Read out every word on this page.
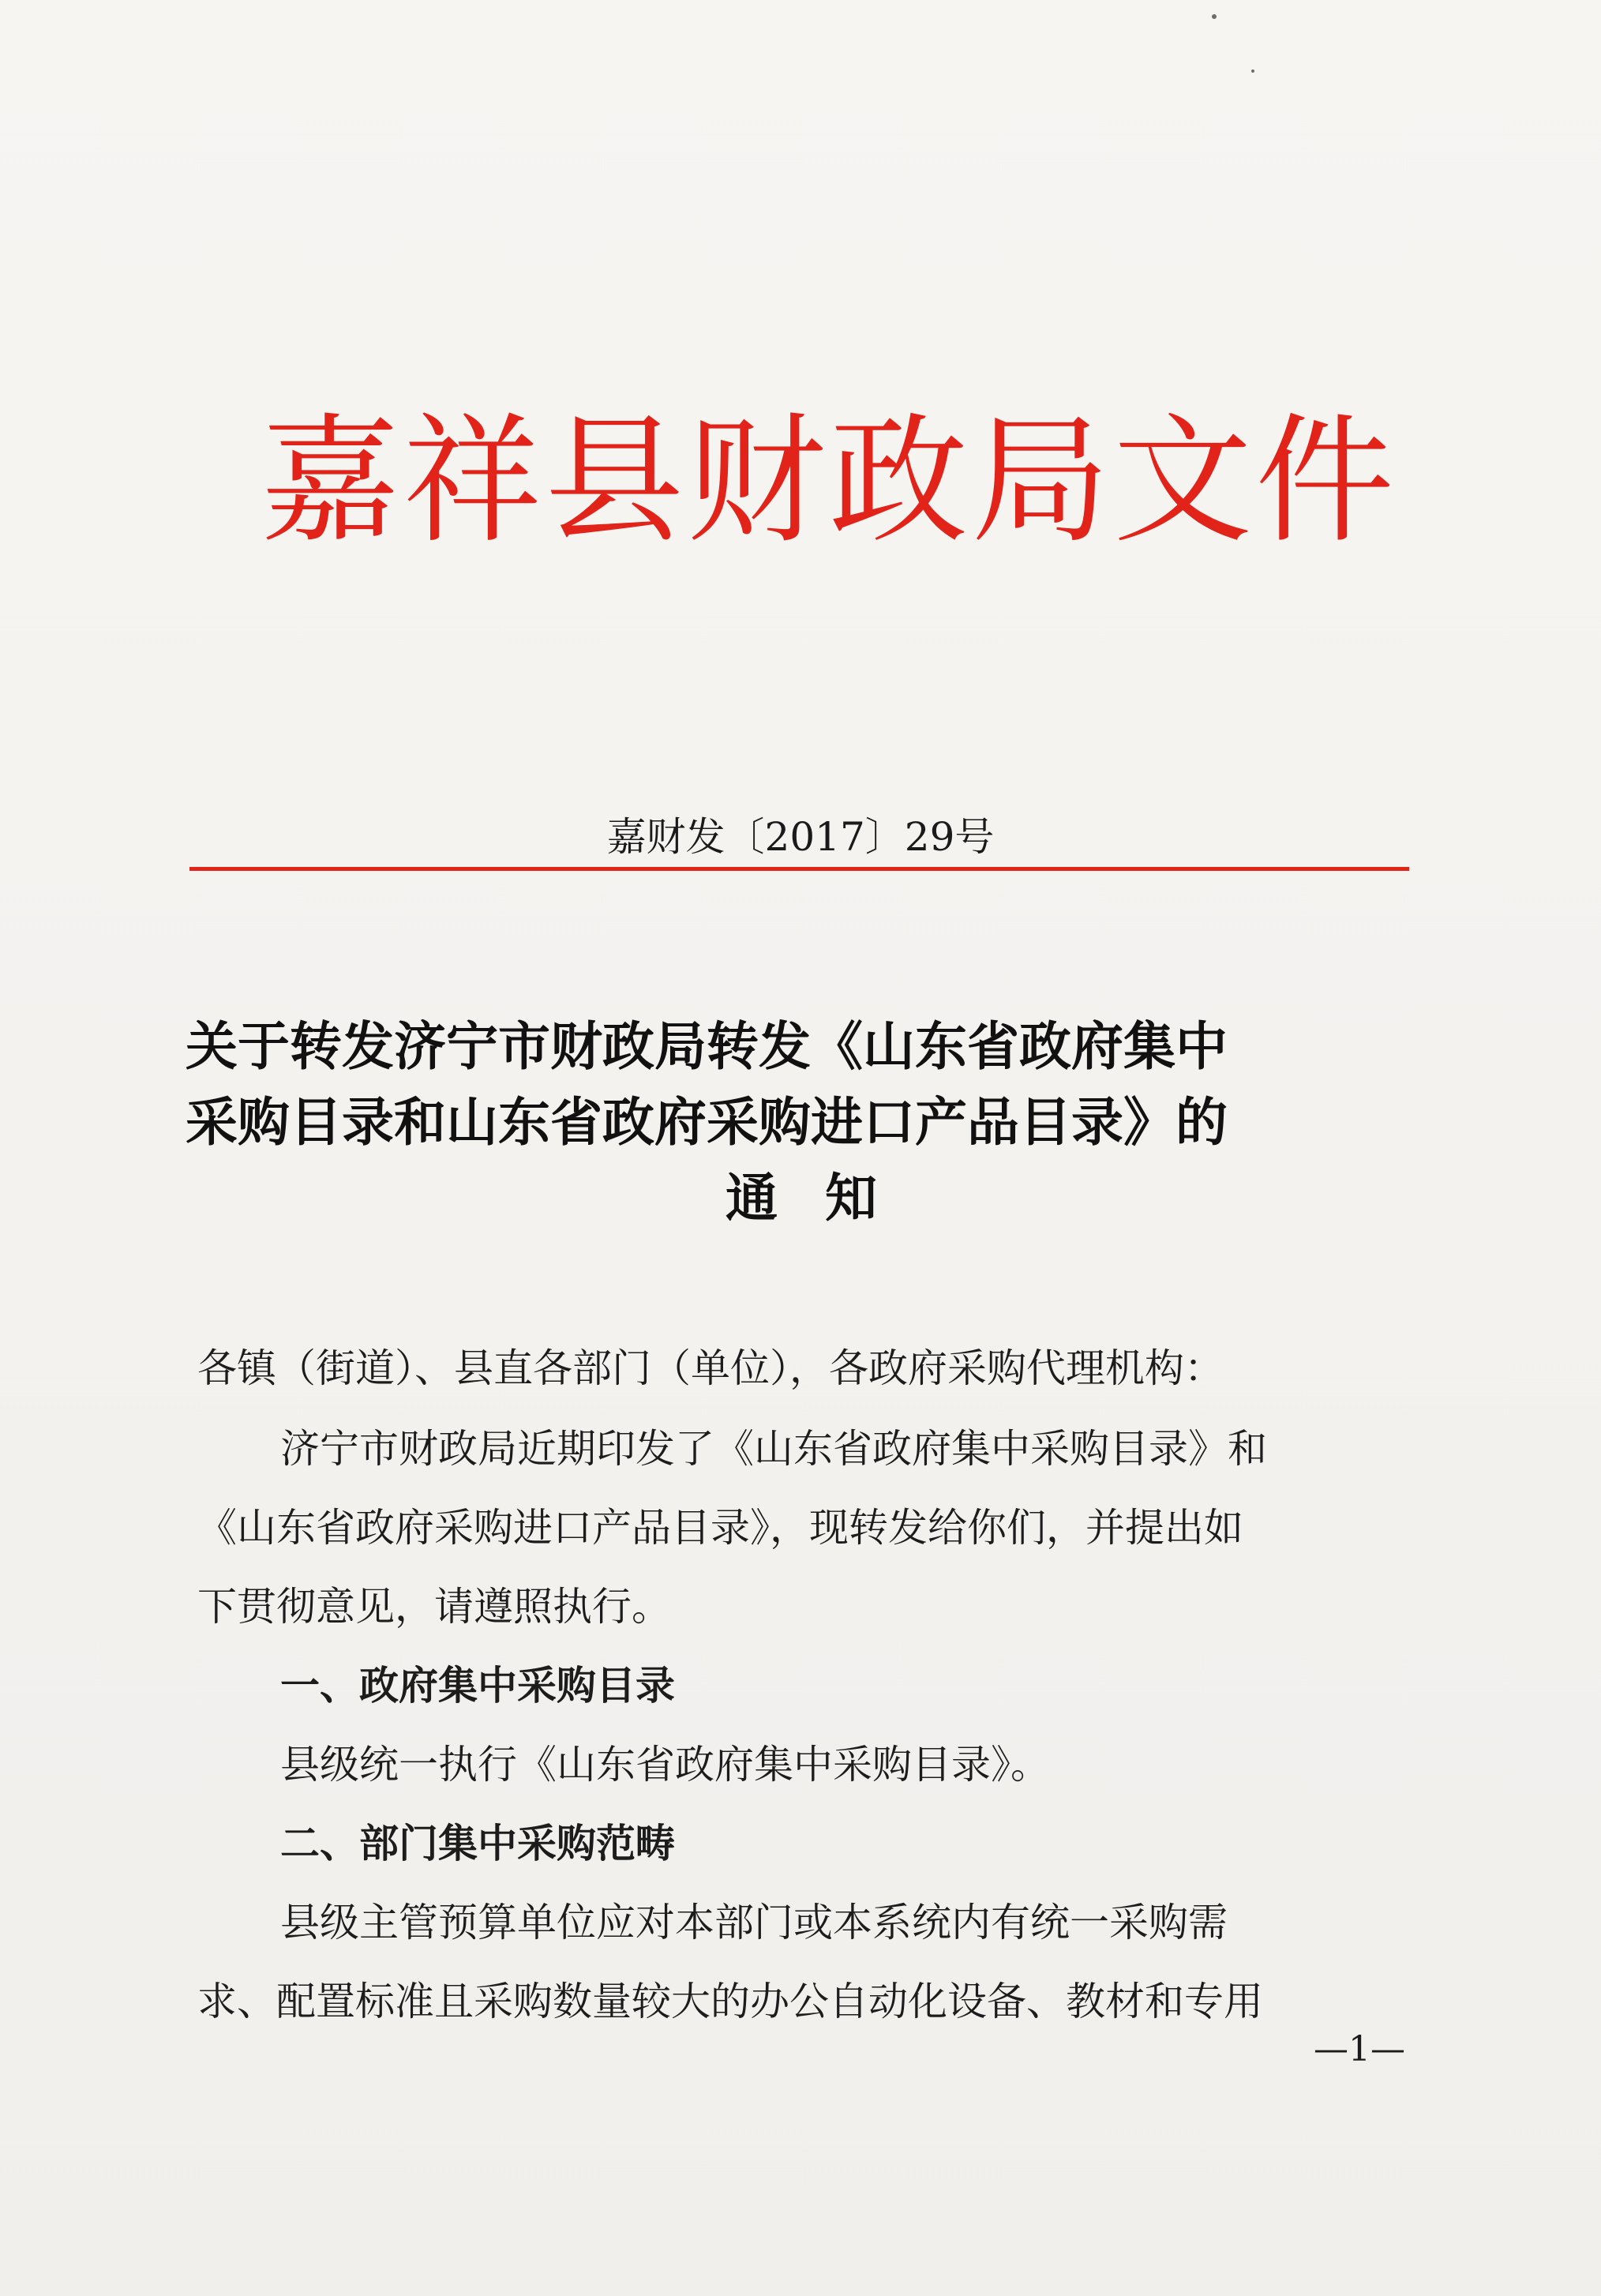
嘉祥县财政局文件
嘉财发〔2017〕29号
关于转发济宁市财政局转发《山东省政府集中
采购目录和山东省政府采购进口产品目录》的
通知
各镇（街道）、县直各部门（单位），各政府采购代理机构：
济宁市财政局近期印发了《山东省政府集中采购目录》和
《山东省政府采购进口产品目录》，现转发给你们，并提出如
下贯彻意见，请遵照执行。
一、政府集中采购目录
县级统一执行《山东省政府集中采购目录》。
二、部门集中采购范畴
县级主管预算单位应对本部门或本系统内有统一采购需
求、配置标准且采购数量较大的办公自动化设备、教材和专用
—1—
